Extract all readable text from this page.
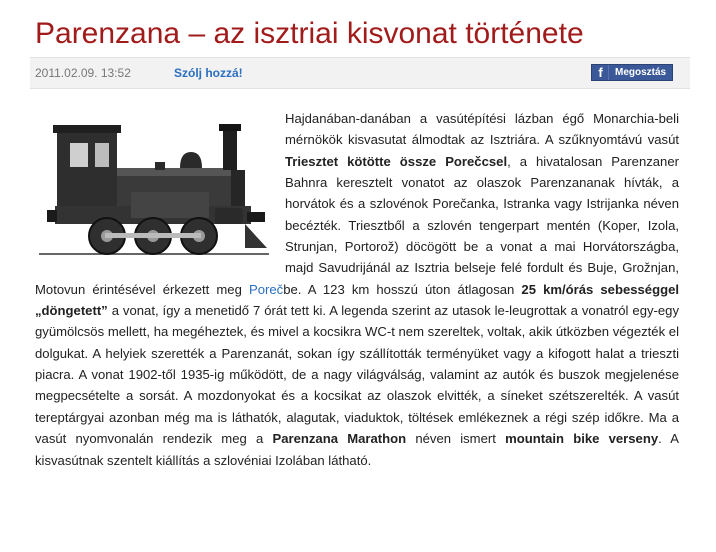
Parenzana – az isztriai kisvonat története
2011.02.09. 13:52	Szólj hozzá!	f	Megosztás
Hajdanában-danában a vasútépítési lázban égő Monarchia-beli mérnökök kisvasutat álmodtak az Isztriára. A szűknyomtávú vasút Triesztet kötötte össze Porečcsel, a hivatalosan Parenzaner Bahnra keresztelt vonatot az olaszok Parenzananak hívták, a horvátok és a szlovénok Porečanka, Istranka vagy Istrijanka néven becézték. Triesztből a szlovén tengerpart mentén (Koper, Izola, Strunjan, Portorož) döcögött be a vonat a mai Horvátországba, majd Savudrijánál az Isztria belseje felé fordult és Buje, Grožnjan, Motovun érintésével érkezett meg Porečbe. A 123 km hosszú úton átlagosan 25 km/órás sebességgel „döngetett” a vonat, így a menetidő 7 órát tett ki. A legenda szerint az utasok le-leugrottak a vonatról egy-egy gyümölcsös mellett, ha megéheztek, és mivel a kocsikra WC-t nem szereltek, voltak, akik útközben végezték el dolgukat. A helyiek szerették a Parenzanát, sokan így szállították terményüket vagy a kifogott halat a trieszti piacra. A vonat 1902-től 1935-ig működött, de a nagy világválság, valamint az autók és buszok megjelenése megpecsételte a sorsát. A mozdonyokat és a kocsikat az olaszok elvitték, a síneket szétszerelték. A vasút tereptárgyai azonban még ma is láthatók, alagutak, viaduktok, töltések emlékeznek a régi szép időkre. Ma a vasút nyomvonalán rendezik meg a Parenzana Marathon néven ismert mountain bike verseny. A kisvasútnak szentelt kiállítás a szlovéniai Izolában látható.
